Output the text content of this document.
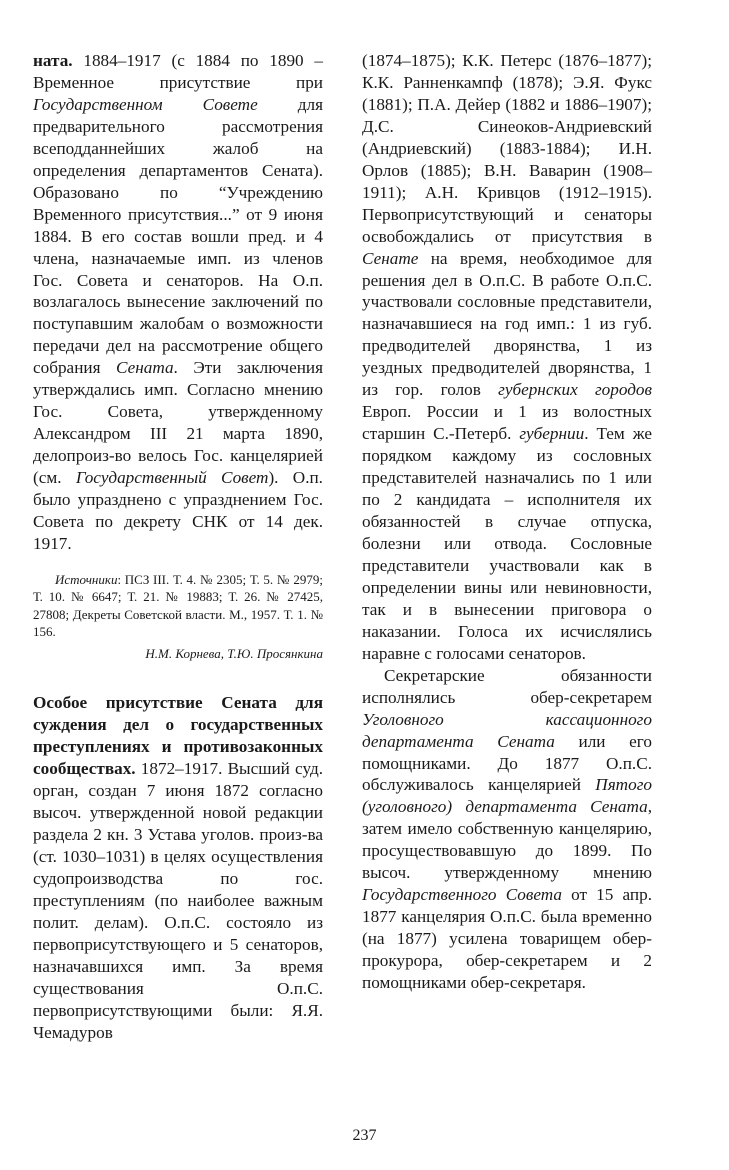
ната. 1884–1917 (с 1884 по 1890 – Временное присутствие при Государственном Совете для предварительного рассмотрения всеподданнейших жалоб на определения департаментов Сената). Образовано по “Учреждению Временного присутствия...” от 9 июня 1884. В его состав вошли пред. и 4 члена, назначаемые имп. из членов Гос. Совета и сенаторов. На О.п. возлагалось вынесение заключений по поступавшим жалобам о возможности передачи дел на рассмотрение общего собрания Сената. Эти заключения утверждались имп. Согласно мнению Гос. Совета, утвержденному Александром III 21 марта 1890, делопроиз-во велось Гос. канцелярией (см. Государственный Совет). О.п. было упразднено с упразднением Гос. Совета по декрету СНК от 14 дек. 1917.

Источники: ПСЗ III. Т. 4. № 2305; Т. 5. № 2979; Т. 10. № 6647; Т. 21. № 19883; Т. 26. № 27425, 27808; Декреты Советской власти. М., 1957. Т. 1. № 156.

Н.М. Корнева, Т.Ю. Просянкина

Особое присутствие Сената для суждения дел о государственных преступлениях и противозаконных сообществах. 1872–1917. Высший суд. орган, создан 7 июня 1872 согласно высоч. утвержденной новой редакции раздела 2 кн. 3 Устава уголов. произ-ва (ст. 1030–1031) в целях осуществления судопроизводства по гос. преступлениям (по наиболее важным полит. делам). О.п.С. состояло из первоприсутствующего и 5 сенаторов, назначавшихся имп. За время существования О.п.С. первоприсутствующими были: Я.Я. Чемадуров

(1874–1875); К.К. Петерс (1876–1877); К.К. Ранненкампф (1878); Э.Я. Фукс (1881); П.А. Дейер (1882 и 1886–1907); Д.С. Синеоков-Андриевский (Андриевский) (1883-1884); И.Н. Орлов (1885); В.Н. Ваварин (1908–1911); А.Н. Кривцов (1912–1915). Первоприсутствующий и сенаторы освобождались от присутствия в Сенате на время, необходимое для решения дел в О.п.С. В работе О.п.С. участвовали сословные представители, назначавшиеся на год имп.: 1 из губ. предводителей дворянства, 1 из уездных предводителей дворянства, 1 из гор. голов губернских городов Европ. России и 1 из волостных старшин С.-Петерб. губернии. Тем же порядком каждому из сословных представителей назначались по 1 или по 2 кандидата – исполнителя их обязанностей в случае отпуска, болезни или отвода. Сословные представители участвовали как в определении вины или невиновности, так и в вынесении приговора о наказании. Голоса их исчислялись наравне с голосами сенаторов.

Секретарские обязанности исполнялись обер-секретарем Уголовного кассационного департамента Сената или его помощниками. До 1877 О.п.С. обслуживалось канцелярией Пятого (уголовного) департамента Сената, затем имело собственную канцелярию, просуществовавшую до 1899. По высоч. утвержденному мнению Государственного Совета от 15 апр. 1877 канцелярия О.п.С. была временно (на 1877) усилена товарищем обер-прокурора, обер-секретарем и 2 помощниками обер-секретаря.

237
